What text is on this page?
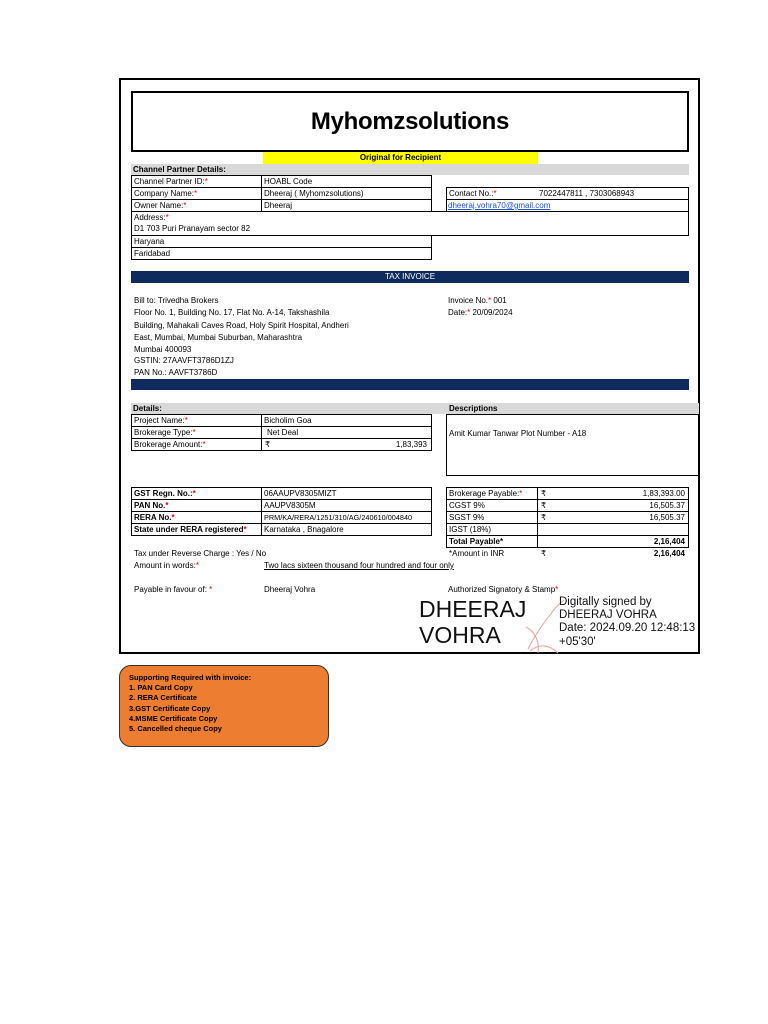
Myhomzsolutions
Original for Recipient
Channel Partner Details:
Channel Partner ID:*	HOABL Code
Company Name:*	Dheeraj ( Myhomzsolutions)
Owner Name:*	Dheeraj
Address:*
D1 703 Puri Pranayam sector 82
Haryana
Faridabad
Contact No.:*	7022447811 , 7303068943
dheeraj.vohra70@gmail.com
TAX INVOICE
Bill to: Trivedha Brokers
Floor No. 1, Building No. 17, Flat No. A-14, Takshashila
Building, Mahakali Caves Road, Holy Spirit Hospital, Andheri
East, Mumbai, Mumbai Suburban, Maharashtra
Mumbai 400093
GSTIN: 27AAVFT3786D1ZJ
PAN No.: AAVFT3786D
Invoice No.* 001
Date:* 20/09/2024
Details:	Descriptions
Project Name:*	Bicholim Goa
Brokerage Type:*	Net Deal
Brokerage Amount:*	₹	1,83,393
Amit Kumar Tanwar Plot Number - A18
GST Regn. No.:*	06AAUPV8305MIZT
PAN No.*	AAUPV8305M
RERA No.*	PRM/KA/RERA/1251/310/AG/240610/004840
State under RERA registered* Karnataka , Bnagalore
Brokerage Payable:* ₹	1,83,393.00
CGST 9%	₹	16,505.37
SGST 9%	₹	16,505.37
IGST (18%)
Total Payable*	2,16,404
*Amount in INR	₹	2,16,404
Tax under Reverse Charge : Yes / No
Amount in words:*	Two lacs sixteen thousand four hundred and four only
Payable in favour of: *	Dheeraj Vohra	Authorized Signatory & Stamp*
DHEERAJ
VOHRA
Digitally signed by
DHEERAJ VOHRA
Date: 2024.09.20 12:48:13
+05'30'
Supporting Required with invoice:
1. PAN Card Copy
2. RERA Certificate
3.GST Certificate Copy
4.MSME Certificate Copy
5. Cancelled cheque Copy
